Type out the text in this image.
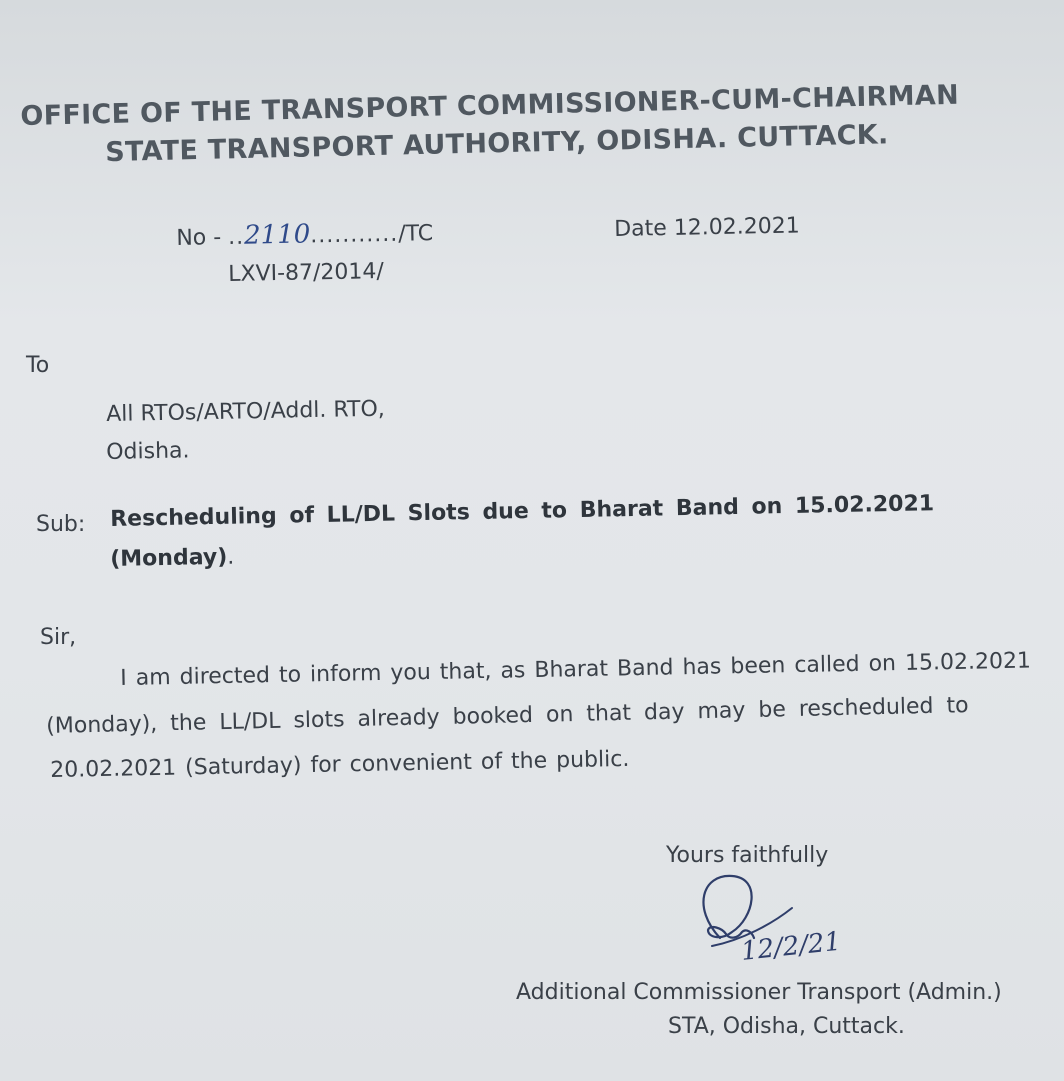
OFFICE OF THE TRANSPORT COMMISSIONER-CUM-CHAIRMAN
STATE TRANSPORT AUTHORITY, ODISHA. CUTTACK.
No - ..2110.........../TC	Date 12.02.2021
LXVI-87/2014/
To
All RTOs/ARTO/Addl. RTO,
Odisha.
Sub: Rescheduling of LL/DL Slots due to Bharat Band on 15.02.2021
(Monday).
Sir,
I am directed to inform you that, as Bharat Band has been called on 15.02.2021
(Monday), the LL/DL slots already booked on that day may be rescheduled to
20.02.2021 (Saturday) for convenient of the public.
Yours faithfully
12/2/21
Additional Commissioner Transport (Admin.)
STA, Odisha, Cuttack.
